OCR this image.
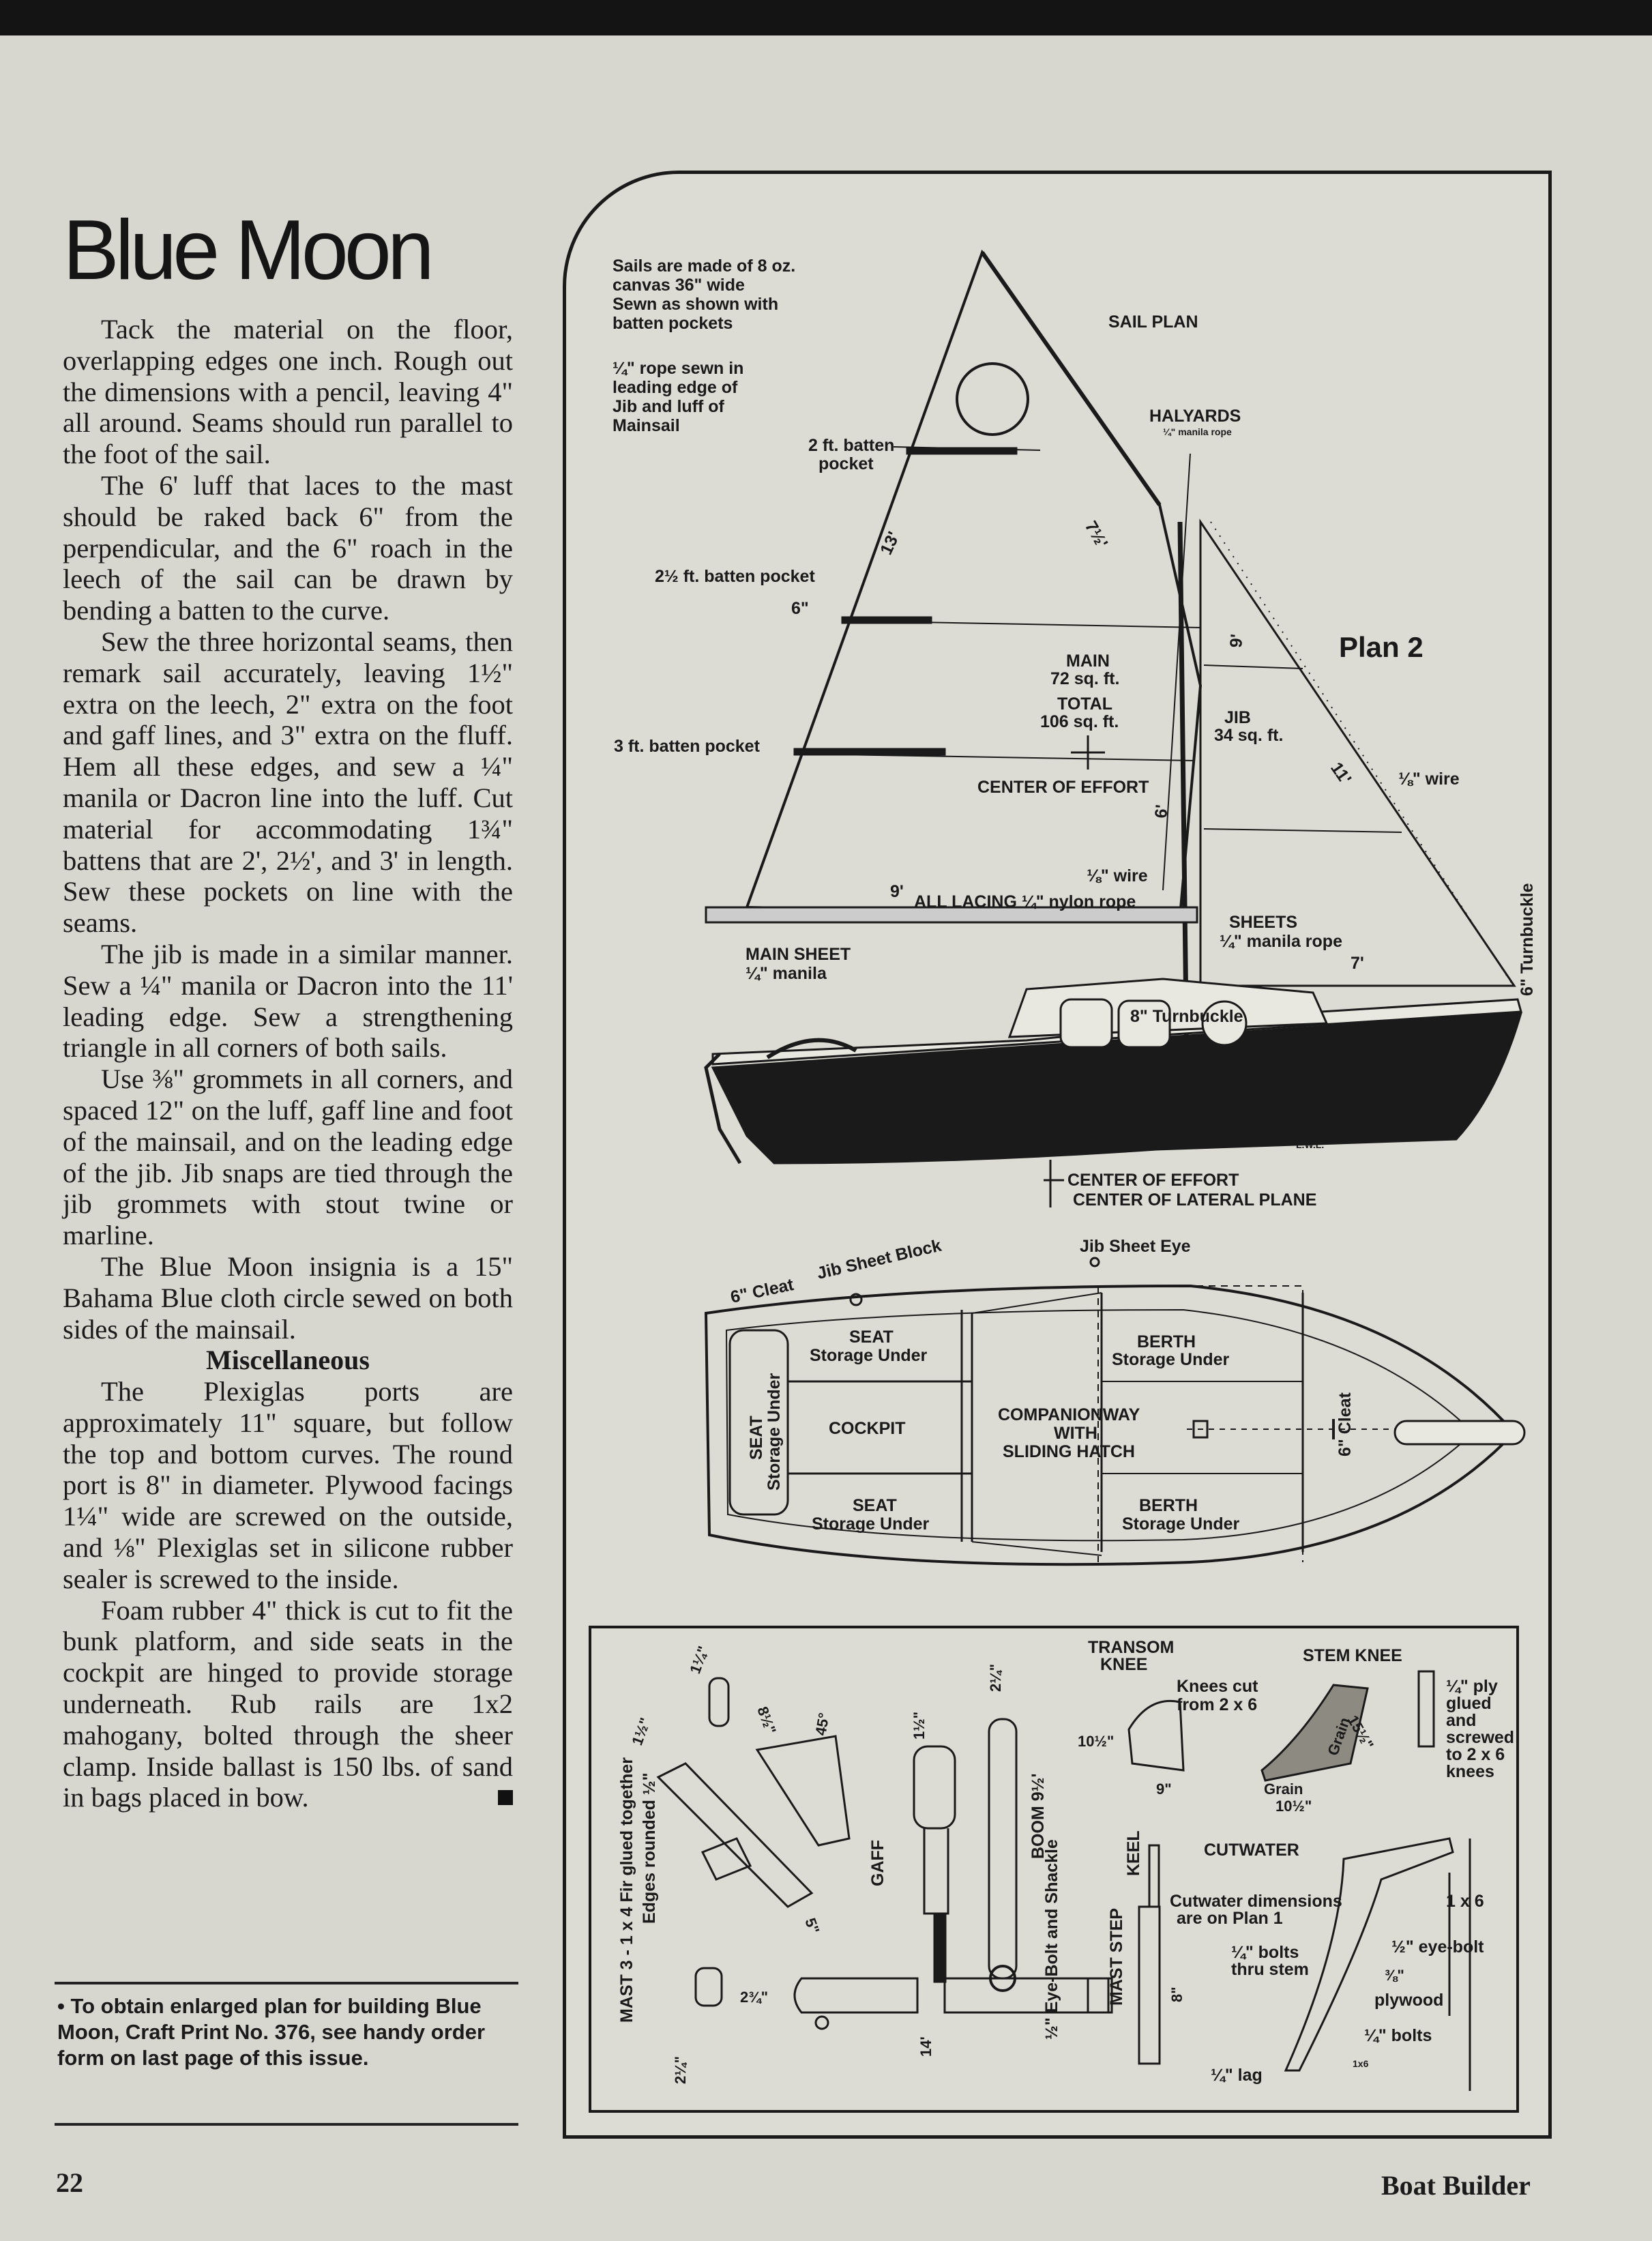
Blue Moon

Tack the material on the floor, overlapping edges one inch. Rough out the dimensions with a pencil, leaving 4" all around. Seams should run parallel to the foot of the sail.

The 6' luff that laces to the mast should be raked back 6" from the perpendicular, and the 6" roach in the leech of the sail can be drawn by bending a batten to the curve.

Sew the three horizontal seams, then remark sail accurately, leaving 1½" extra on the leech, 2" extra on the foot and gaff lines, and 3" extra on the fluff. Hem all these edges, and sew a ¼" manila or Dacron line into the luff. Cut material for accommodating 1¾" battens that are 2', 2½', and 3' in length. Sew these pockets on line with the seams.

The jib is made in a similar manner. Sew a ¼" manila or Dacron into the 11' leading edge. Sew a strengthening triangle in all corners of both sails.

Use ⅜" grommets in all corners, and spaced 12" on the luff, gaff line and foot of the mainsail, and on the leading edge of the jib. Jib snaps are tied through the jib grommets with stout twine or marline.

The Blue Moon insignia is a 15" Bahama Blue cloth circle sewed on both sides of the mainsail.

Miscellaneous

The Plexiglas ports are approximately 11" square, but follow the top and bottom curves. The round port is 8" in diameter. Plywood facings 1¼" wide are screwed on the outside, and ⅛" Plexiglas set in silicone rubber sealer is screwed to the inside.

Foam rubber 4" thick is cut to fit the bunk platform, and side seats in the cockpit are hinged to provide storage underneath. Rub rails are 1x2 mahogany, bolted through the sheer clamp. Inside ballast is 150 lbs. of sand in bags placed in bow.

• To obtain enlarged plan for building Blue Moon, Craft Print No. 376, see handy order form on last page of this issue.
22	Boat Builder
Sails are made of 8 oz.
canvas 36" wide
Sewn as shown with
batten pockets
¼" rope sewn in
leading edge of
Jib and luff of
Mainsail
SAIL PLAN
HALYARDS
¼" manila rope
2 ft. batten
pocket
2½ ft. batten pocket
3 ft. batten pocket
13'	7½'
9'
6"
6'
11'
9'
7'
MAIN
72 sq. ft.
TOTAL
106 sq. ft.	JIB
34 sq. ft.
Plan 2
CENTER OF EFFORT	⅛" wire
⅛" wire
ALL LACING ¼" nylon rope
SHEETS
¼" manila rope
MAIN SHEET
¼" manila
8" Turnbuckle
6" Turnbuckle
CENTER OF EFFORT
CENTER OF LATERAL PLANE
L.W.L.
Jib Sheet Eye
Jib Sheet Block
6" Cleat
6" Cleat
SEAT
Storage Under
SEAT
Storage Under	COCKPIT
SEAT
Storage Under
BERTH
Storage Under
COMPANIONWAY
WITH
SLIDING HATCH
BERTH
Storage Under
MAST 3 - 1 x 4 Fir glued together Edges rounded ½"
1¼"
1½"	8½" 45°
5"
2¾"
2¼"
1½"
2¼"
GAFF
BOOM 9½'
½" Eye-Bolt and Shackle
14'
MAST STEP
KEEL
8"
TRANSOM
KNEE
Knees cut
from 2 x 6
10½"
9"
STEM KNEE
Grain
15½"
Grain
10½"
¼" ply
glued
and
screwed
to 2 x 6
knees
CUTWATER
Cutwater dimensions
are on Plan 1
1 x 6
¼" bolts
thru stem
½" eye-bolt
⅜"
plywood
¼" bolts
1x6
¼" lag
